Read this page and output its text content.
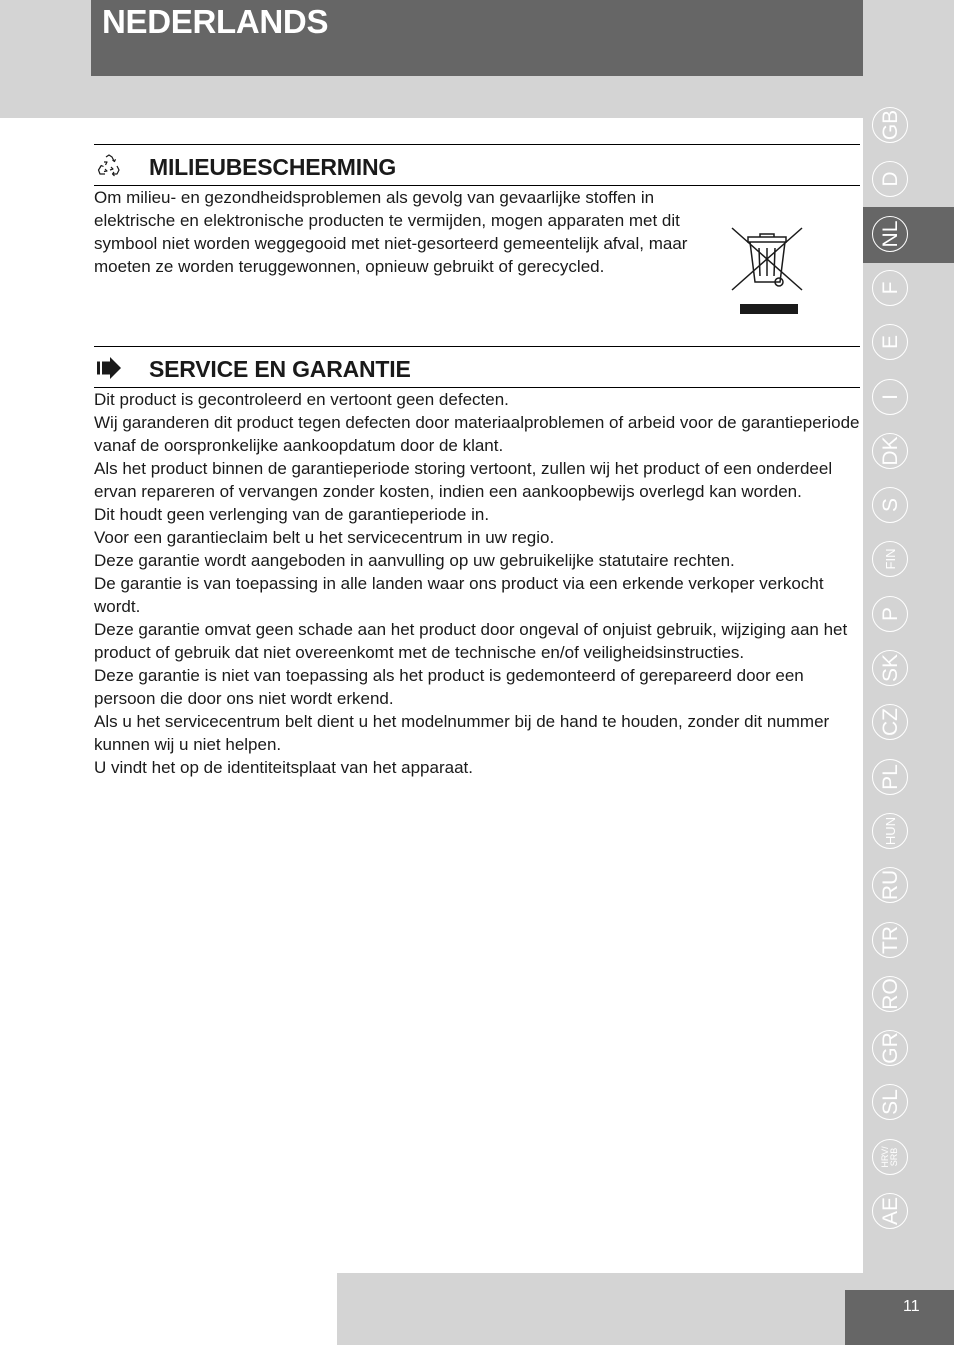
NEDERLANDS
GB
D
NL
F
E
I
DK
S
FIN
P
SK
CZ
PL
HUN
RU
TR
RO
GR
SL
HRV/
SRB
AE
MILIEUBESCHERMING

Om milieu- en gezondheidsproblemen als gevolg van gevaarlijke stoffen in elektrische en elektronische producten te vermijden, mogen apparaten met dit symbool niet worden weggegooid met niet-gesorteerd gemeentelijk afval, maar moeten ze worden teruggewonnen, opnieuw gebruikt of gerecycled.

SERVICE EN GARANTIE

Dit product is gecontroleerd en vertoont geen defecten.

Wij garanderen dit product tegen defecten door materiaalproblemen of arbeid voor de garantieperiode vanaf de oorspronkelijke aankoopdatum door de klant.

Als het product binnen de garantieperiode storing vertoont, zullen wij het product of een onderdeel ervan repareren of vervangen zonder kosten, indien een aankoopbewijs overlegd kan worden.

Dit houdt geen verlenging van de garantieperiode in.

Voor een garantieclaim belt u het servicecentrum in uw regio.

Deze garantie wordt aangeboden in aanvulling op uw gebruikelijke statutaire rechten.

De garantie is van toepassing in alle landen waar ons product via een erkende verkoper verkocht wordt.

Deze garantie omvat geen schade aan het product door ongeval of onjuist gebruik, wijziging aan het product of gebruik dat niet overeenkomt met de technische en/of veiligheidsinstructies.

Deze garantie is niet van toepassing als het product is gedemonteerd of gerepareerd door een persoon die door ons niet wordt erkend.

Als u het servicecentrum belt dient u het modelnummer bij de hand te houden, zonder dit nummer kunnen wij u niet helpen.

U vindt het op de identiteitsplaat van het apparaat.

11
